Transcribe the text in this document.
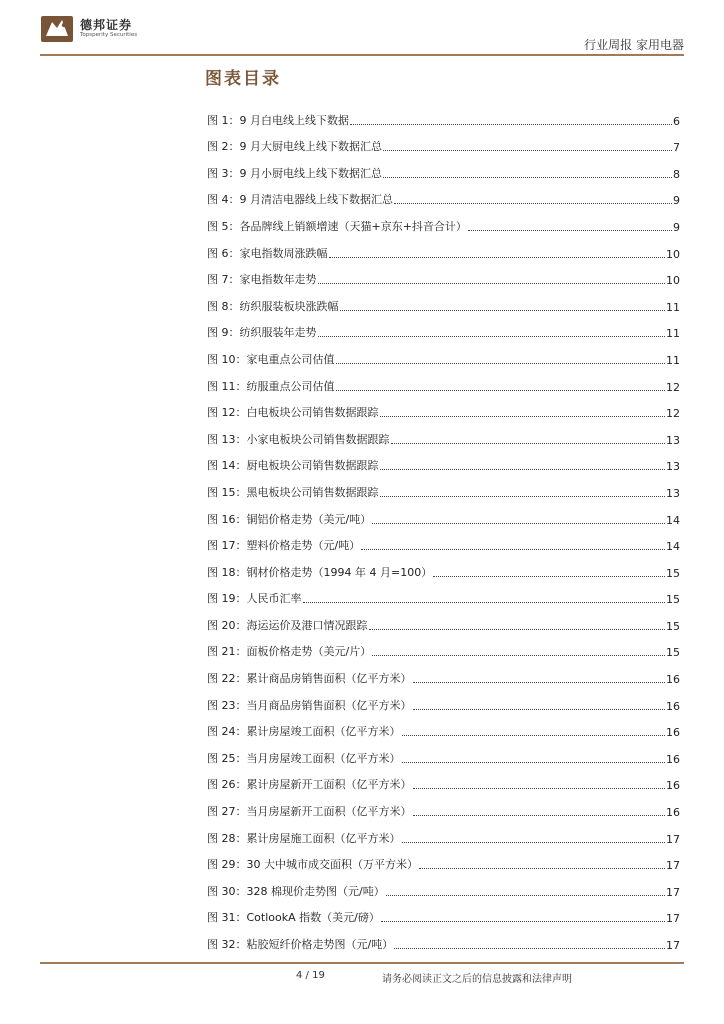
德邦证券
Topsperity Securities
行业周报 家用电器
图表目录
图 1：9 月白电线上线下数据	6
图 2：9 月大厨电线上线下数据汇总	7
图 3：9 月小厨电线上线下数据汇总	8
图 4：9 月清洁电器线上线下数据汇总	9
图 5：各品牌线上销额增速（天猫+京东+抖音合计）	9
图 6：家电指数周涨跌幅	10
图 7：家电指数年走势	10
图 8：纺织服装板块涨跌幅	11
图 9：纺织服装年走势	11
图 10：家电重点公司估值	11
图 11：纺服重点公司估值	12
图 12：白电板块公司销售数据跟踪	12
图 13：小家电板块公司销售数据跟踪	13
图 14：厨电板块公司销售数据跟踪	13
图 15：黑电板块公司销售数据跟踪	13
图 16：铜铝价格走势（美元/吨）	14
图 17：塑料价格走势（元/吨）	14
图 18：钢材价格走势（1994 年 4 月=100）	15
图 19：人民币汇率	15
图 20：海运运价及港口情况跟踪	15
图 21：面板价格走势（美元/片）	15
图 22：累计商品房销售面积（亿平方米）	16
图 23：当月商品房销售面积（亿平方米）	16
图 24：累计房屋竣工面积（亿平方米）	16
图 25：当月房屋竣工面积（亿平方米）	16
图 26：累计房屋新开工面积（亿平方米）	16
图 27：当月房屋新开工面积（亿平方米）	16
图 28：累计房屋施工面积（亿平方米）	17
图 29：30 大中城市成交面积（万平方米）	17
图 30：328 棉现价走势图（元/吨）	17
图 31：CotlookA 指数（美元/磅）	17
图 32：粘胶短纤价格走势图（元/吨）	17
4 / 19	请务必阅读正文之后的信息披露和法律声明
